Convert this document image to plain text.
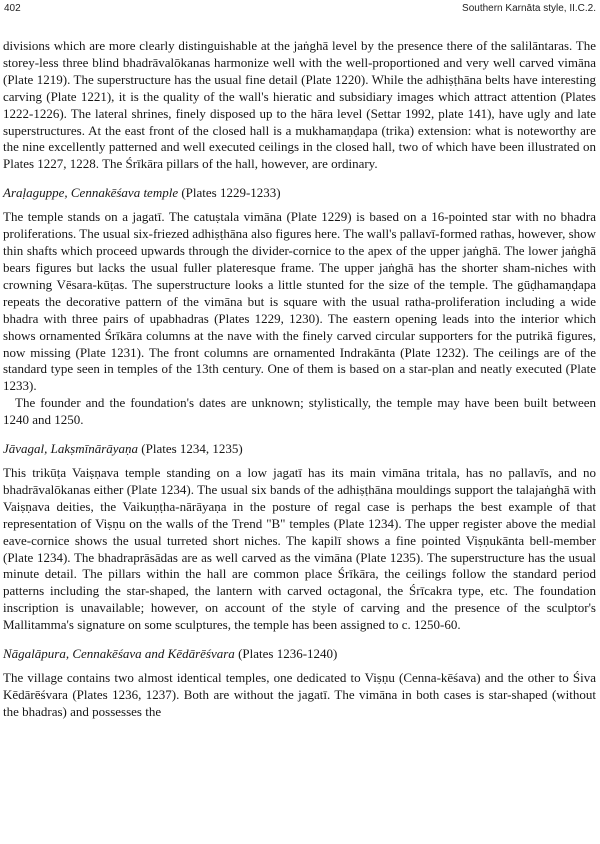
402	Southern Karnāta style, II.C.2.

divisions which are more clearly distinguishable at the jaṅghā level by the presence there of the salilāntaras. The storey-less three blind bhadrāvalōkanas harmonize well with the well-proportioned and very well carved vimāna (Plate 1219). The superstructure has the usual fine detail (Plate 1220). While the adhiṣṭhāna belts have interesting carving (Plate 1221), it is the quality of the wall's hieratic and subsidiary images which attract attention (Plates 1222-1226). The lateral shrines, finely disposed up to the hāra level (Settar 1992, plate 141), have ugly and late superstructures. At the east front of the closed hall is a mukhamaṇḍapa (trika) extension: what is noteworthy are the nine excellently patterned and well executed ceilings in the closed hall, two of which have been illustrated on Plates 1227, 1228. The Śrīkāra pillars of the hall, however, are ordinary.

Araḷaguppe, Cennakēśava temple (Plates 1229-1233)

The temple stands on a jagatī. The catuṣtala vimāna (Plate 1229) is based on a 16-pointed star with no bhadra proliferations. The usual six-friezed adhiṣṭhāna also figures here. The wall's pallavī-formed rathas, however, show thin shafts which proceed upwards through the divider-cornice to the apex of the upper jaṅghā. The lower jaṅghā bears figures but lacks the usual fuller plateresque frame. The upper jaṅghā has the shorter sham-niches with crowning Vēsara-kūṭas. The superstructure looks a little stunted for the size of the temple. The gūḍhamaṇḍapa repeats the decorative pattern of the vimāna but is square with the usual ratha-proliferation including a wide bhadra with three pairs of upabhadras (Plates 1229, 1230). The eastern opening leads into the interior which shows ornamented Śrīkāra columns at the nave with the finely carved circular supporters for the putrikā figures, now missing (Plate 1231). The front columns are ornamented Indrakānta (Plate 1232). The ceilings are of the standard type seen in temples of the 13th century. One of them is based on a star-plan and neatly executed (Plate 1233).

The founder and the foundation's dates are unknown; stylistically, the temple may have been built between 1240 and 1250.

Jāvagal, Lakṣmīnārāyaṇa (Plates 1234, 1235)

This trikūṭa Vaiṣṇava temple standing on a low jagatī has its main vimāna tritala, has no pallavīs, and no bhadrāvalōkanas either (Plate 1234). The usual six bands of the adhiṣṭhāna mouldings support the talajaṅghā with Vaiṣṇava deities, the Vaikuṇṭha-nārāyaṇa in the posture of regal case is perhaps the best example of that representation of Viṣṇu on the walls of the Trend "B" temples (Plate 1234). The upper register above the medial eave-cornice shows the usual turreted short niches. The kapilī shows a fine pointed Viṣṇukānta bell-member (Plate 1234). The bhadraprāsādas are as well carved as the vimāna (Plate 1235). The superstructure has the usual minute detail. The pillars within the hall are common place Śrīkāra, the ceilings follow the standard period patterns including the star-shaped, the lantern with carved octagonal, the Śrīcakra type, etc. The foundation inscription is unavailable; however, on account of the style of carving and the presence of the sculptor's Mallitamma's signature on some sculptures, the temple has been assigned to c. 1250-60.

Nāgalāpura, Cennakēśava and Kēdārēśvara (Plates 1236-1240)

The village contains two almost identical temples, one dedicated to Viṣṇu (Cenna-kēśava) and the other to Śiva Kēdārēśvara (Plates 1236, 1237). Both are without the jagatī. The vimāna in both cases is star-shaped (without the bhadras) and possesses the
